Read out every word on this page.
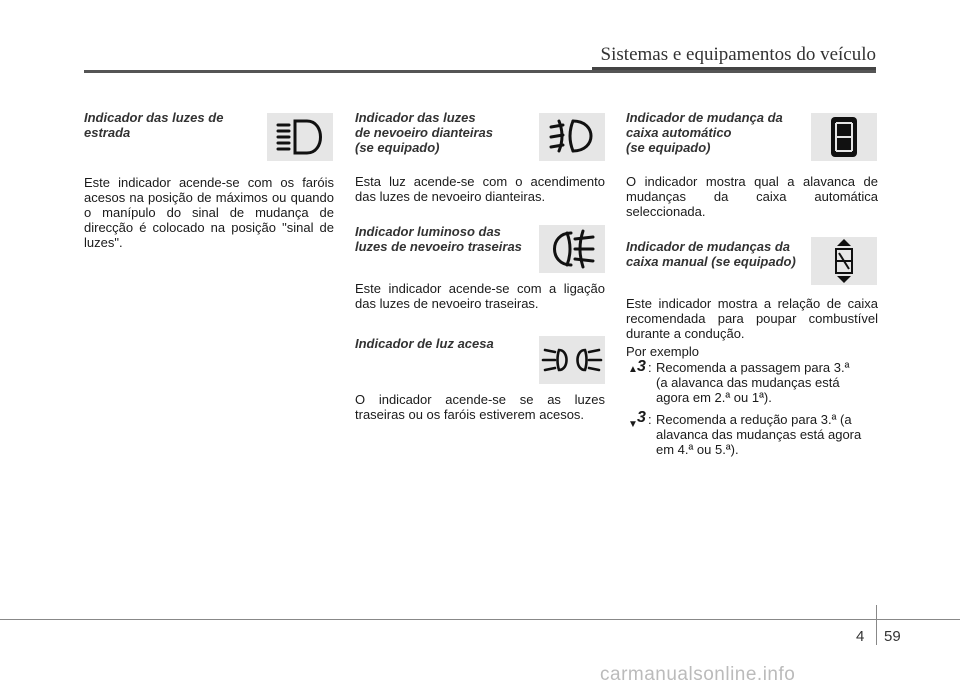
Sistemas e equipamentos do veículo
Indicador das luzes de
estrada

Este indicador acende-se com os faróis acesos na posição de máximos ou quando o manípulo do sinal de mudança de direcção é colocado na posição "sinal de luzes".

Indicador das luzes
de nevoeiro dianteiras
(se equipado)

Esta luz acende-se com o acendimento das luzes de nevoeiro dianteiras.

Indicador luminoso das
luzes de nevoeiro traseiras

Este indicador acende-se com a ligação das luzes de nevoeiro traseiras.

Indicador de luz acesa

O indicador acende-se se as luzes traseiras ou os faróis estiverem acesos.

Indicador de mudança da
caixa automático
(se equipado)

O indicador mostra qual a alavanca de mudanças da caixa automática seleccionada.

Indicador de mudanças da
caixa manual (se equipado)

Este indicador mostra a relação de caixa recomendada para poupar combustível durante a condução.

Por exemplo
▲ 3 : Recomenda a passagem para 3.ª
(a alavanca das mudanças está
agora em 2.ª ou 1ª).
▼ 3 : Recomenda a redução para 3.ª (a
alavanca das mudanças está agora
em 4.ª ou 5.ª).
4 59
carmanualsonline.info
